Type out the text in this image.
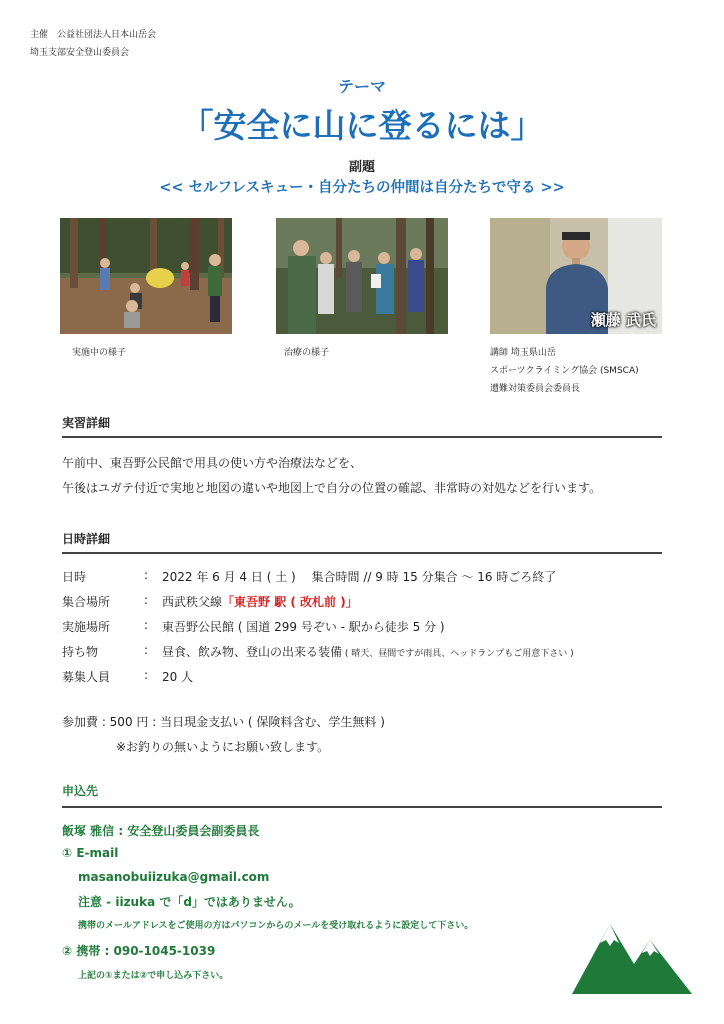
主催　公益社団法人日本山岳会
埼玉支部安全登山委員会
テーマ
「安全に山に登るには」
副題
<< セルフレスキュー・自分たちの仲間は自分たちで守る >>
瀬藤 武氏
実施中の様子	治療の様子	講師 埼玉県山岳
スポーツクライミング協会 (SMSCA)
遭難対策委員会委員長
実習詳細
午前中、東吾野公民館で用具の使い方や治療法などを、
午後はユガテ付近で実地と地図の違いや地図上で自分の位置の確認、非常時の対処などを行います。
日時詳細
日時	: 2022 年 6 月 4 日 ( 土 )　 集合時間 // 9 時 15 分集合 〜 16 時ごろ終了
集合場所	: 西武秩父線「東吾野 駅 ( 改札前 )」
実施場所	: 東吾野公民館 ( 国道 299 号ぞい - 駅から徒歩 5 分 )
持ち物	: 昼食、飲み物、登山の出来る装備 ( 晴天、昼間ですが雨具、ヘッドランプもご用意下さい )
募集人員	: 20 人
参加費 : 500 円 : 当日現金支払い ( 保険料含む、学生無料 )
※お釣りの無いようにお願い致します。
申込先
飯塚 雅信 : 安全登山委員会副委員長
① E-mail
masanobuiizuka@gmail.com
注意 - iizuka で「d」ではありません。
携帯のメールアドレスをご使用の方はパソコンからのメールを受け取れるように設定して下さい。
② 携帯 : 090-1045-1039
上記の①または②で申し込み下さい。
